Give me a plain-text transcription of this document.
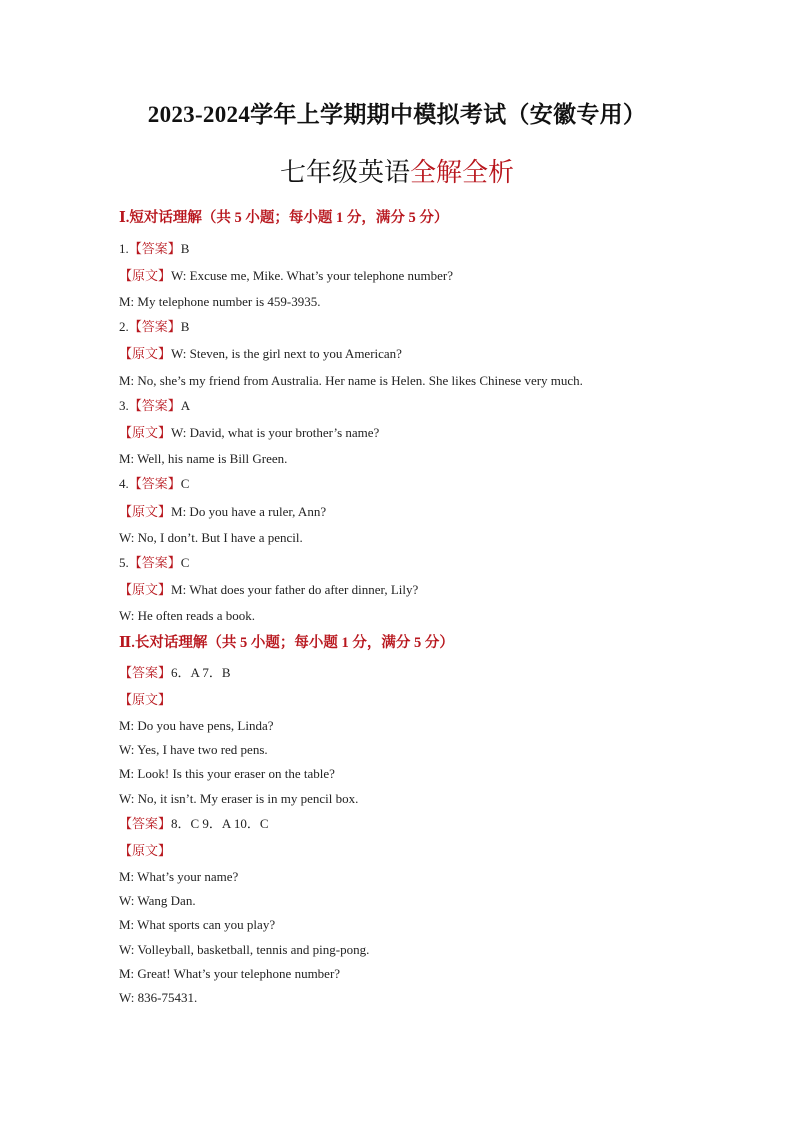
2023-2024学年上学期期中模拟考试（安徽专用）
七年级英语全解全析
Ⅰ.短对话理解（共 5 小题；每小题 1 分，满分 5 分）
1.【答案】B
【原文】W: Excuse me, Mike. What’s your telephone number?
M: My telephone number is 459-3935.
2.【答案】B
【原文】W: Steven, is the girl next to you American?
M: No, she’s my friend from Australia. Her name is Helen. She likes Chinese very much.
3.【答案】A
【原文】W: David, what is your brother’s name?
M: Well, his name is Bill Green.
4.【答案】C
【原文】M: Do you have a ruler, Ann?
W: No, I don’t. But I have a pencil.
5.【答案】C
【原文】M: What does your father do after dinner, Lily?
W: He often reads a book.
Ⅱ.长对话理解（共 5 小题；每小题 1 分，满分 5 分）
【答案】6．A 7．B
【原文】
M: Do you have pens, Linda?
W: Yes, I have two red pens.
M: Look! Is this your eraser on the table?
W: No, it isn’t. My eraser is in my pencil box.
【答案】8．C 9．A 10．C
【原文】
M: What’s your name?
W: Wang Dan.
M: What sports can you play?
W: Volleyball, basketball, tennis and ping-pong.
M: Great! What’s your telephone number?
W: 836-75431.
